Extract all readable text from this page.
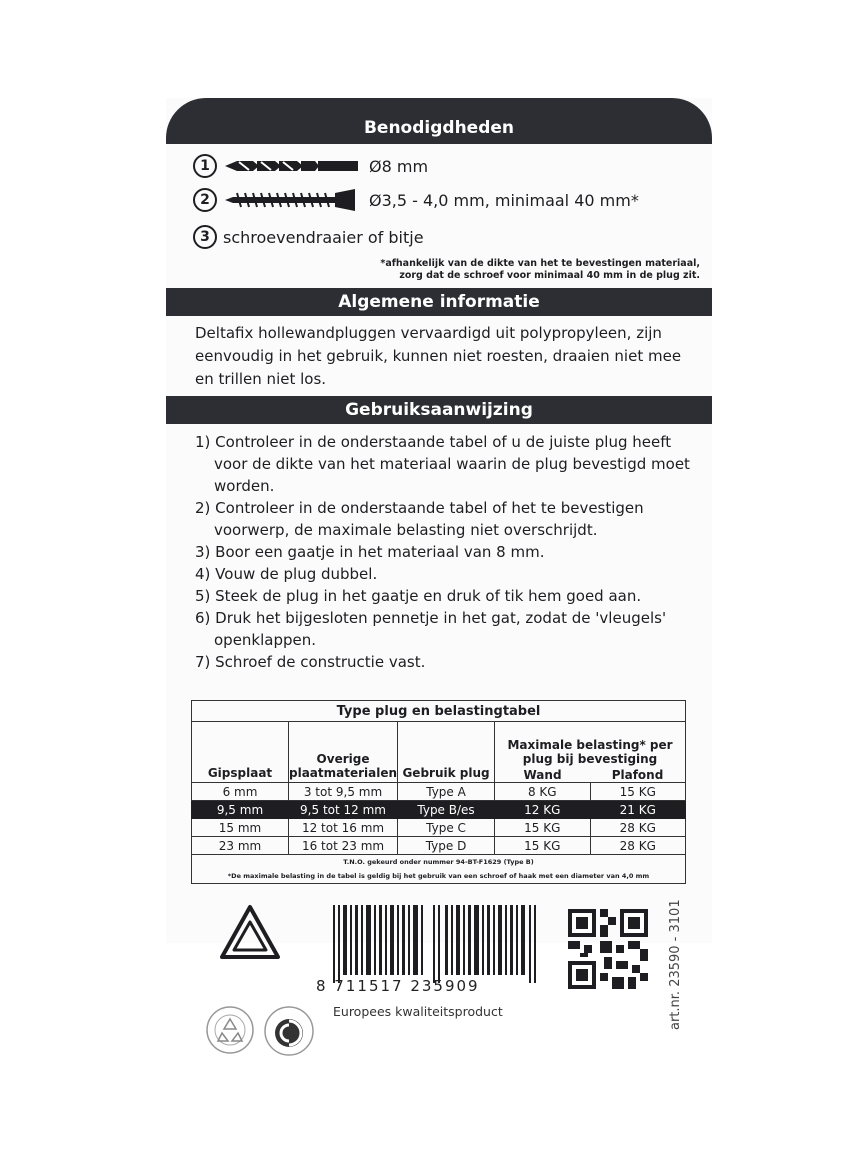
Benodigdheden
1	Ø8 mm
2	Ø3,5 - 4,0 mm, minimaal 40 mm*
3 schroevendraaier of bitje
*afhankelijk van de dikte van het te bevestingen materiaal,
zorg dat de schroef voor minimaal 40 mm in de plug zit.
Algemene informatie
Deltafix hollewandpluggen vervaardigd uit polypropyleen, zijn eenvoudig in het gebruik, kunnen niet roesten, draaien niet mee en trillen niet los.
Gebruiksaanwijzing
1) Controleer in de onderstaande tabel of u de juiste plug heeft voor de dikte van het materiaal waarin de plug bevestigd moet worden.
2) Controleer in de onderstaande tabel of het te bevestigen voorwerp, de maximale belasting niet overschrijdt.
3) Boor een gaatje in het materiaal van 8 mm.
4) Vouw de plug dubbel.
5) Steek de plug in het gaatje en druk of tik hem goed aan.
6) Druk het bijgesloten pennetje in het gat, zodat de 'vleugels' openklappen.
7) Schroef de constructie vast.
Type plug en belastingtabel				
Gipsplaat	Overige plaatmaterialen	Gebruik plug	Maximale belasting* per plug bij bevestiging
Wand Plafond	

6 mm	3 tot 9,5 mm	Type A	8 KG	15 KG
9,5 mm	9,5 tot 12 mm	Type B/es	12 KG	21 KG
15 mm	12 tot 16 mm	Type C	15 KG	28 KG
23 mm	16 tot 23 mm	Type D	15 KG	28 KG
T.N.O. gekeurd onder nummer 94-BT-F1629 (Type B)				
*De maximale belasting in de tabel is geldig bij het gebruik van een schroef of haak met een diameter van 4,0 mm				
8 711517 235909	art.nr. 23590 - 3101
Europees kwaliteitsproduct
